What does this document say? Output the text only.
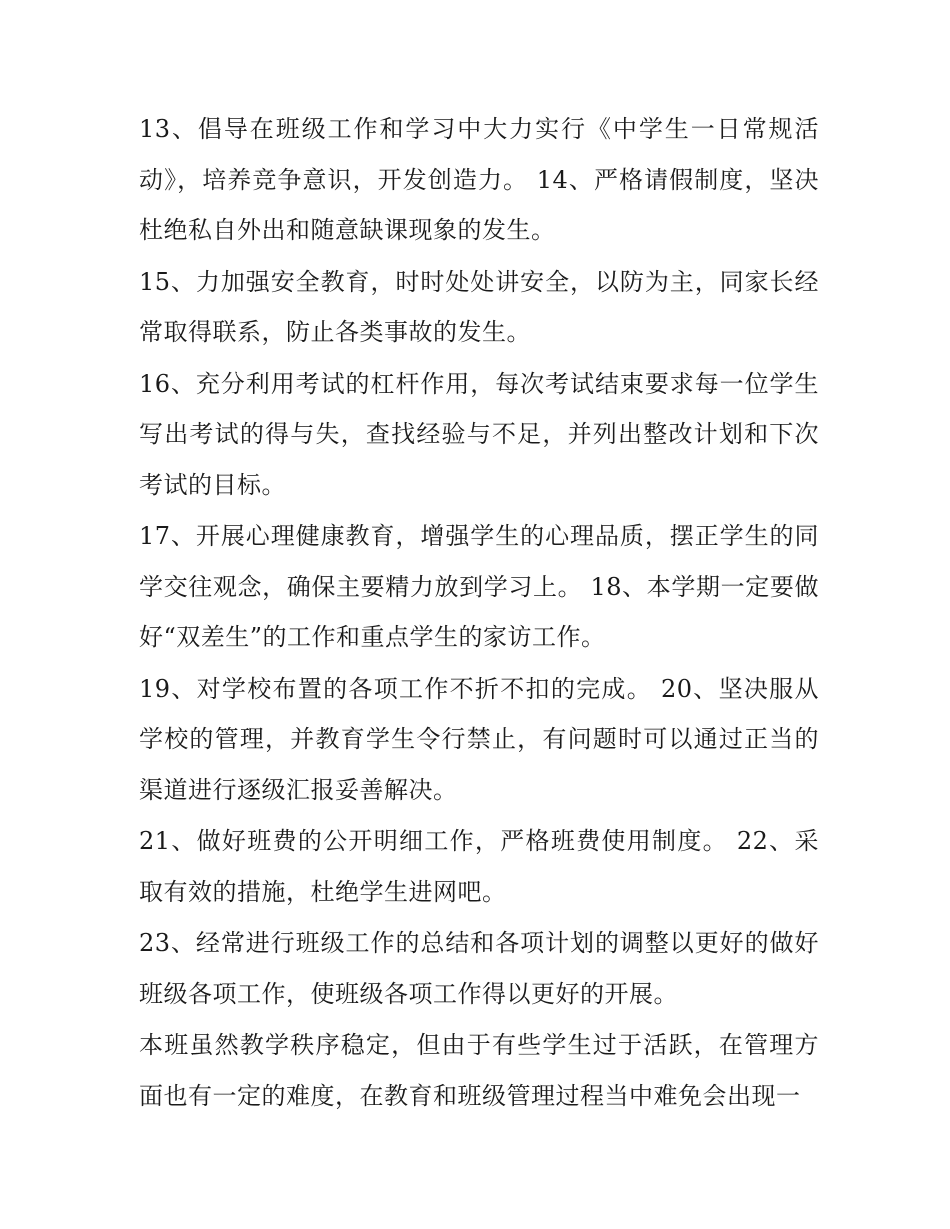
13、倡导在班级工作和学习中大力实行《中学生一日常规活动》，培养竞争意识，开发创造力。 14、严格请假制度，坚决杜绝私自外出和随意缺课现象的发生。

15、力加强安全教育，时时处处讲安全，以防为主，同家长经常取得联系，防止各类事故的发生。

16、充分利用考试的杠杆作用，每次考试结束要求每一位学生写出考试的得与失，查找经验与不足，并列出整改计划和下次考试的目标。

17、开展心理健康教育，增强学生的心理品质，摆正学生的同学交往观念，确保主要精力放到学习上。 18、本学期一定要做好“双差生”的工作和重点学生的家访工作。

19、对学校布置的各项工作不折不扣的完成。 20、坚决服从学校的管理，并教育学生令行禁止，有问题时可以通过正当的渠道进行逐级汇报妥善解决。

21、做好班费的公开明细工作，严格班费使用制度。 22、采取有效的措施，杜绝学生进网吧。

23、经常进行班级工作的总结和各项计划的调整以更好的做好班级各项工作，使班级各项工作得以更好的开展。

本班虽然教学秩序稳定，但由于有些学生过于活跃，在管理方面也有一定的难度，在教育和班级管理过程当中难免会出现一
